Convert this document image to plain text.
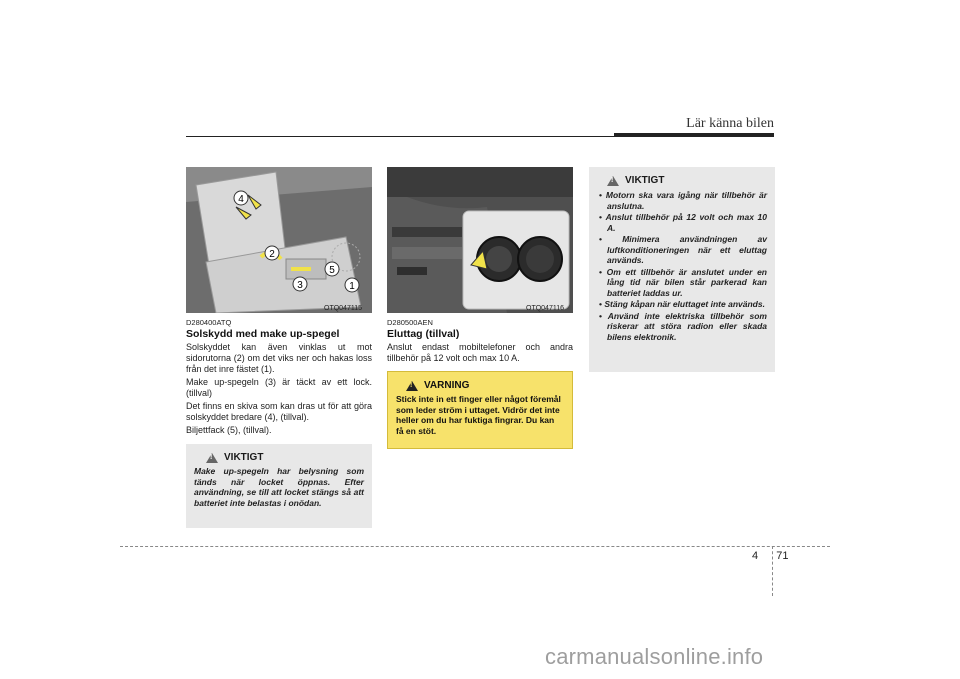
Lär känna bilen
4
2
5
3	1
OTQ047115
D280400ATQ
Solskydd med make up-spegel

Solskyddet kan även vinklas ut mot sidorutorna (2) om det viks ner och hakas loss från det inre fästet (1).

Make up-spegeln (3) är täckt av ett lock. (tillval)

Det finns en skiva som kan dras ut för att göra solskyddet bredare (4), (tillval).

Biljettfack (5), (tillval).

!
VIKTIGT
Make up-spegeln har belysning som tänds när locket öppnas. Efter användning, se till att locket stängs så att batteriet inte belastas i onödan.
OTQ047116
D280500AEN
Eluttag (tillval)
Anslut endast mobiltelefoner och andra tillbehör på 12 volt och max 10 A.
!
VARNING
Stick inte in ett finger eller något föremål som leder ström i uttaget. Vidrör det inte heller om du har fuktiga fingrar. Du kan få en stöt.
!
VIKTIGT
• Motorn ska vara igång när tillbehör är anslutna.
• Anslut tillbehör på 12 volt och max 10 A.
• Minimera användningen av luftkonditioneringen när ett eluttag används.
• Om ett tillbehör är anslutet under en lång tid när bilen står parkerad kan batteriet laddas ur.
• Stäng kåpan när eluttaget inte används.
• Använd inte elektriska tillbehör som riskerar att störa radion eller skada bilens elektronik.
4 71
carmanualsonline.info
